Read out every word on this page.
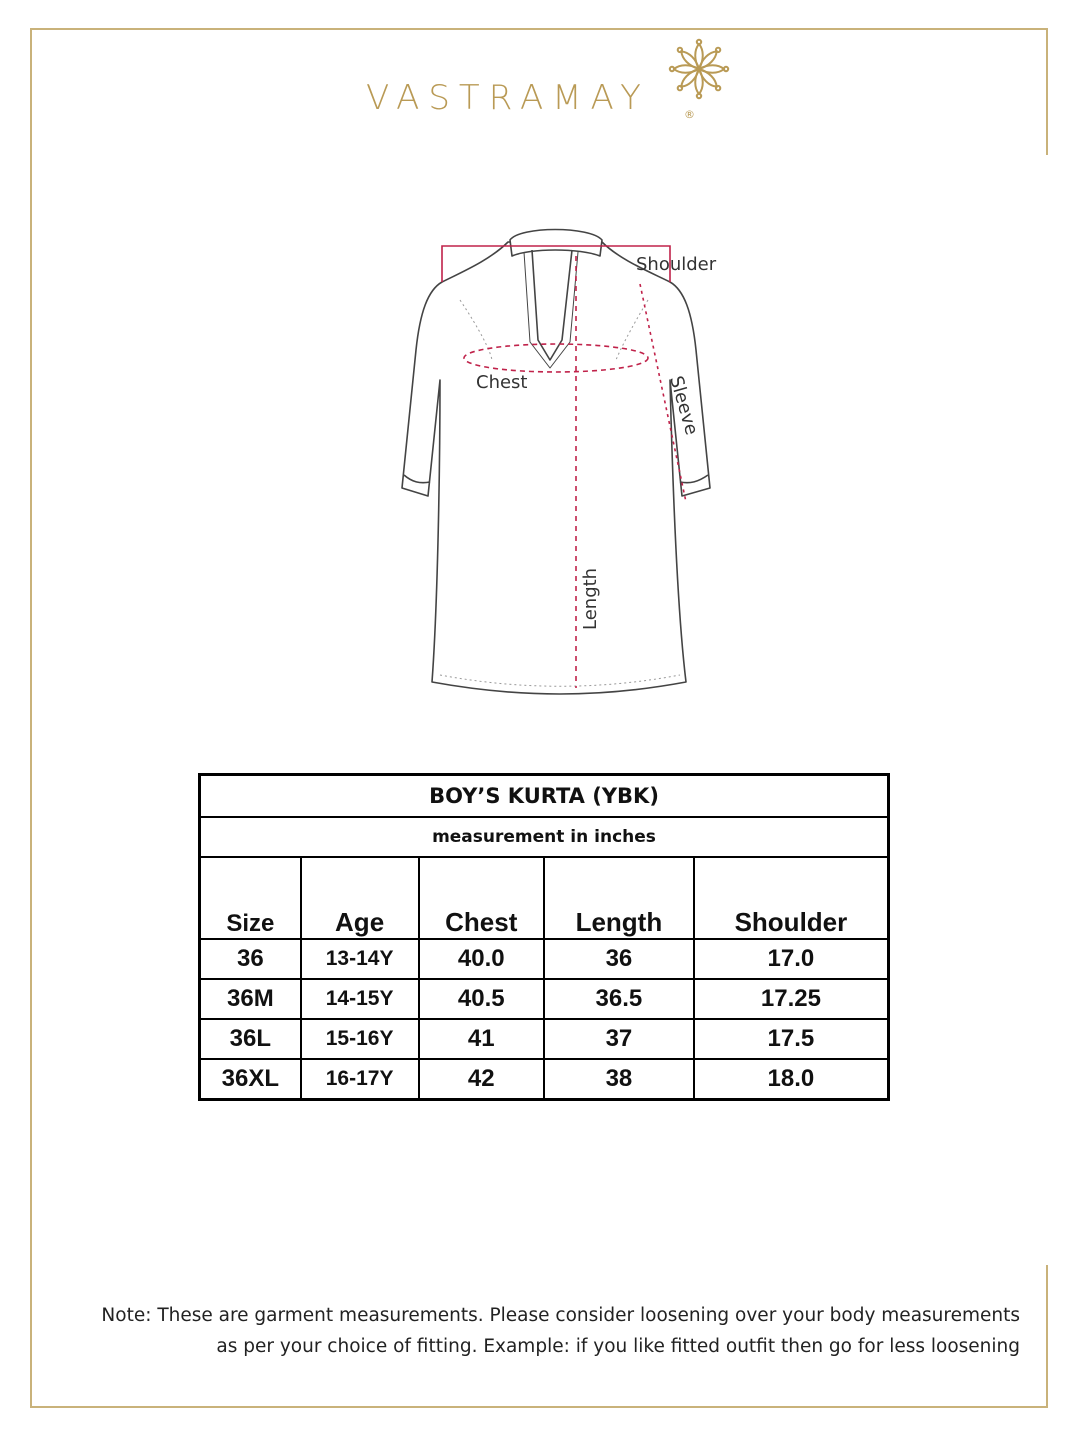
VASTRAMAY	®
Shoulder
Chest	Sleeve
Length
BOY’S KURTA (YBK)				
measurement in inches				
Size	Age	Chest	Length	Shoulder
36	13-14Y	40.0	36	17.0
36M	14-15Y	40.5	36.5	17.25
36L	15-16Y	41	37	17.5
36XL	16-17Y	42	38	18.0
Note: These are garment measurements. Please consider loosening over your body measurements
as per your choice of fitting. Example: if you like fitted outfit then go for less loosening
